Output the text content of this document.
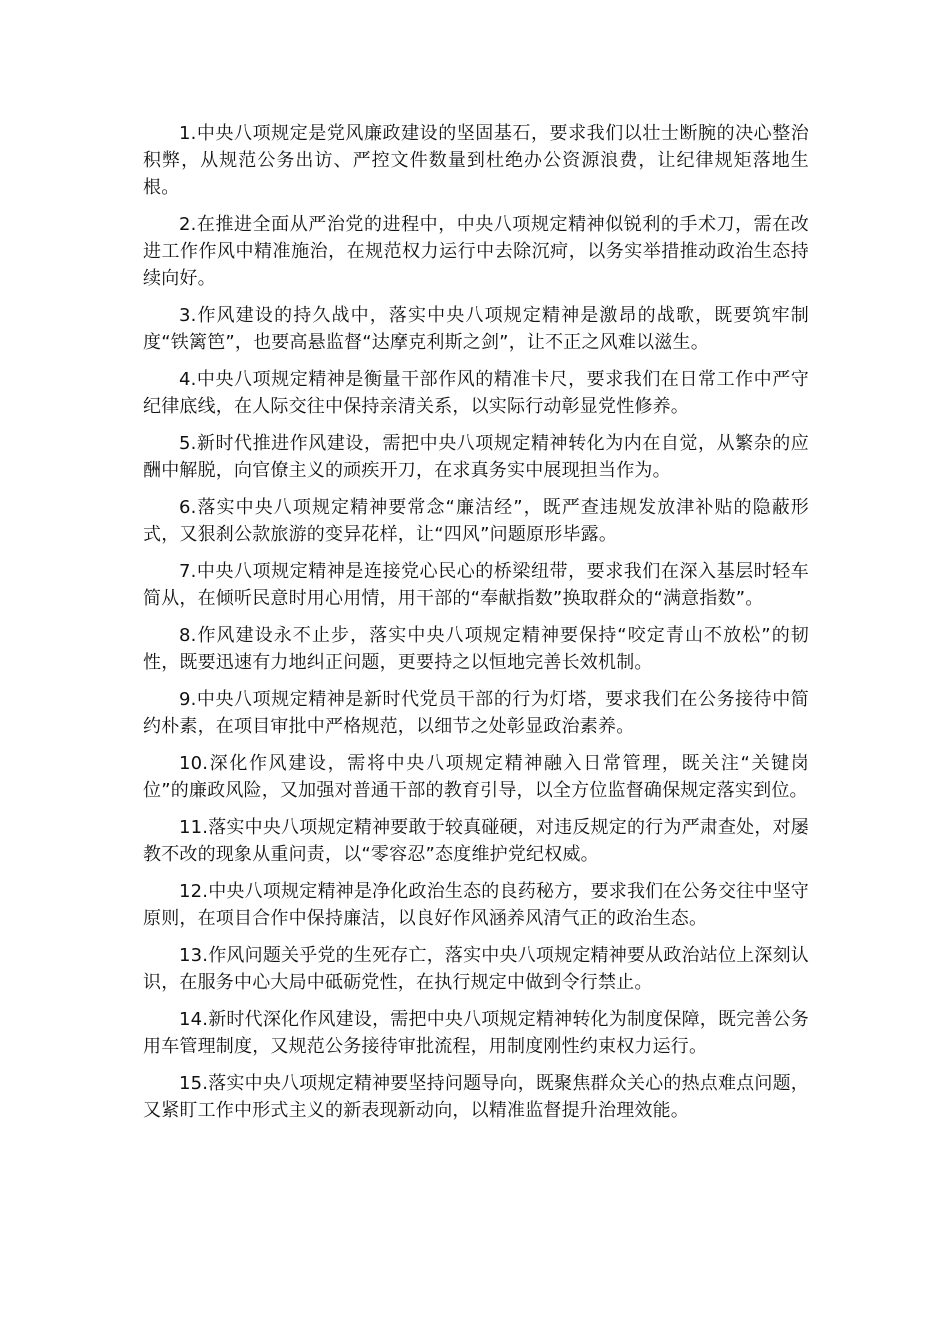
1.中央八项规定是党风廉政建设的坚固基石，要求我们以壮士断腕的决心整治积弊，从规范公务出访、严控文件数量到杜绝办公资源浪费，让纪律规矩落地生根。

2.在推进全面从严治党的进程中，中央八项规定精神似锐利的手术刀，需在改进工作作风中精准施治，在规范权力运行中去除沉疴，以务实举措推动政治生态持续向好。

3.作风建设的持久战中，落实中央八项规定精神是激昂的战歌，既要筑牢制度“铁篱笆”，也要高悬监督“达摩克利斯之剑”，让不正之风难以滋生。

4.中央八项规定精神是衡量干部作风的精准卡尺，要求我们在日常工作中严守纪律底线，在人际交往中保持亲清关系，以实际行动彰显党性修养。

5.新时代推进作风建设，需把中央八项规定精神转化为内在自觉，从繁杂的应酬中解脱，向官僚主义的顽疾开刀，在求真务实中展现担当作为。

6.落实中央八项规定精神要常念“廉洁经”，既严查违规发放津补贴的隐蔽形式，又狠刹公款旅游的变异花样，让“四风”问题原形毕露。

7.中央八项规定精神是连接党心民心的桥梁纽带，要求我们在深入基层时轻车简从，在倾听民意时用心用情，用干部的“奉献指数”换取群众的“满意指数”。

8.作风建设永不止步，落实中央八项规定精神要保持“咬定青山不放松”的韧性，既要迅速有力地纠正问题，更要持之以恒地完善长效机制。

9.中央八项规定精神是新时代党员干部的行为灯塔，要求我们在公务接待中简约朴素，在项目审批中严格规范，以细节之处彰显政治素养。

10.深化作风建设，需将中央八项规定精神融入日常管理，既关注“关键岗位”的廉政风险，又加强对普通干部的教育引导，以全方位监督确保规定落实到位。

11.落实中央八项规定精神要敢于较真碰硬，对违反规定的行为严肃查处，对屡教不改的现象从重问责，以“零容忍”态度维护党纪权威。

12.中央八项规定精神是净化政治生态的良药秘方，要求我们在公务交往中坚守原则，在项目合作中保持廉洁，以良好作风涵养风清气正的政治生态。

13.作风问题关乎党的生死存亡，落实中央八项规定精神要从政治站位上深刻认识，在服务中心大局中砥砺党性，在执行规定中做到令行禁止。

14.新时代深化作风建设，需把中央八项规定精神转化为制度保障，既完善公务用车管理制度，又规范公务接待审批流程，用制度刚性约束权力运行。

15.落实中央八项规定精神要坚持问题导向，既聚焦群众关心的热点难点问题，又紧盯工作中形式主义的新表现新动向，以精准监督提升治理效能。
